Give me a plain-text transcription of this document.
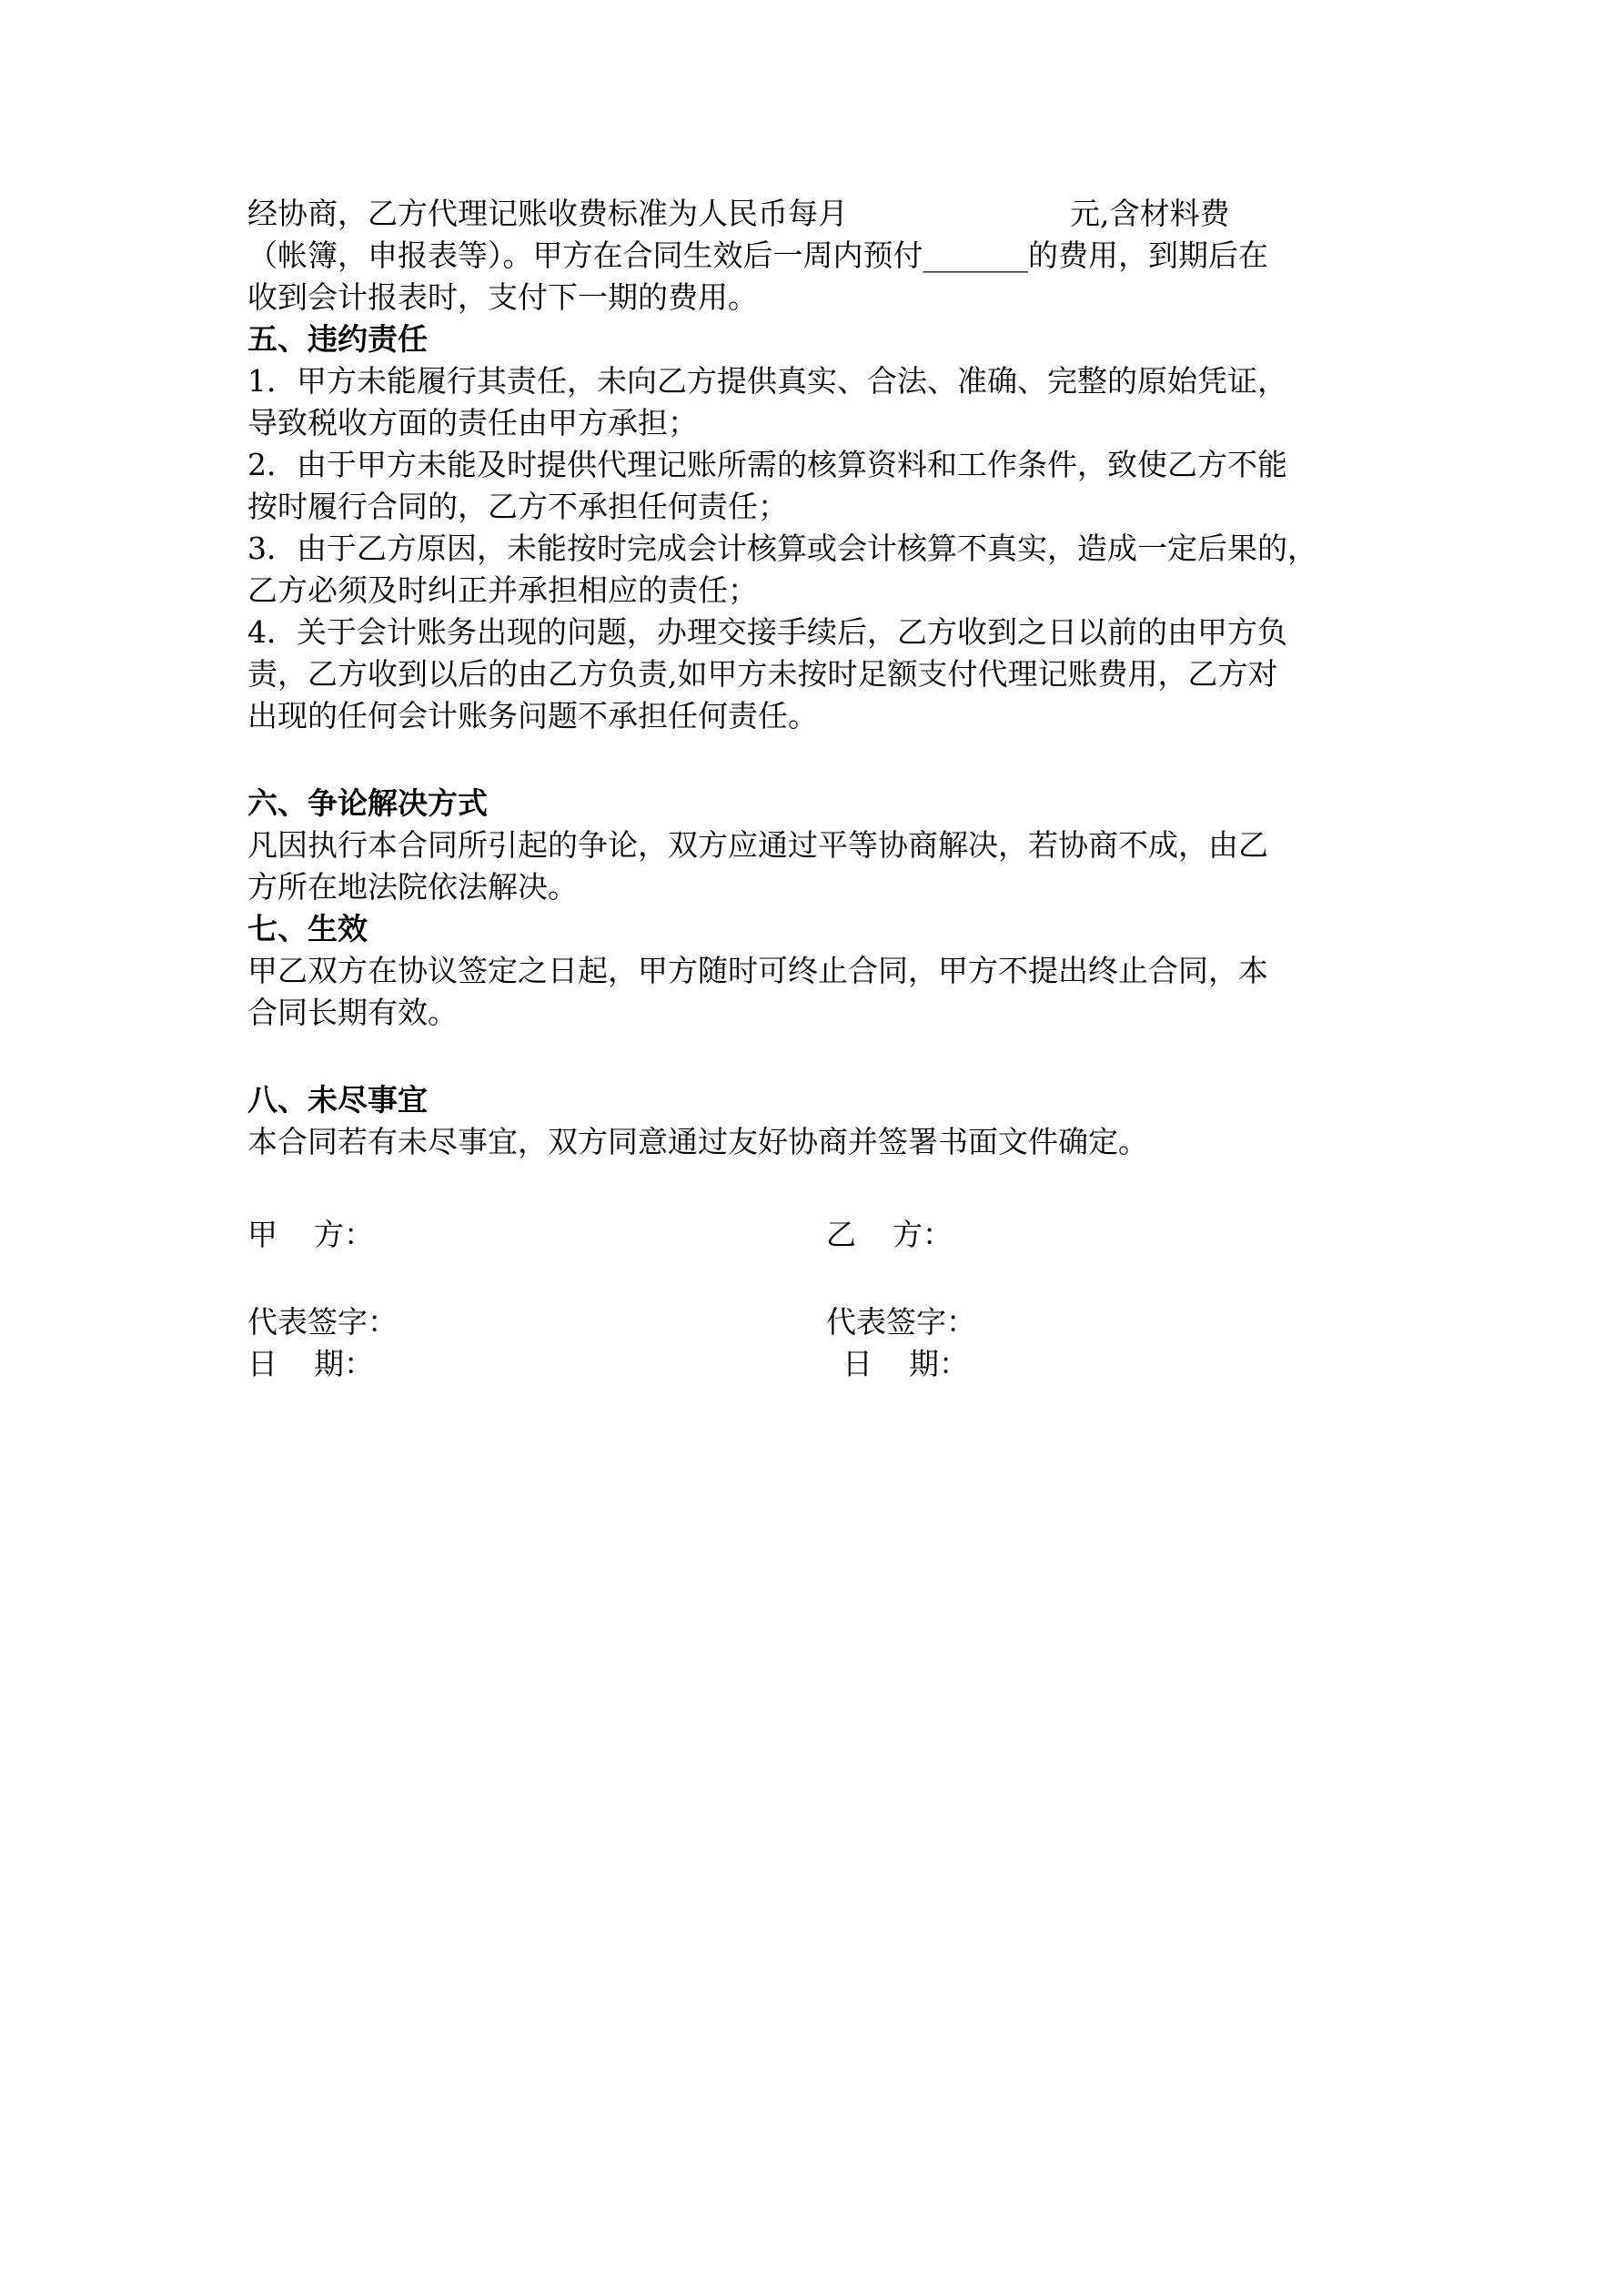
经协商，乙方代理记账收费标准为人民币每月	元,含材料费
（帐簿，申报表等）。甲方在合同生效后一周内预付_______的费用，到期后在
收到会计报表时，支付下一期的费用。
五、违约责任
1．甲方未能履行其责任，未向乙方提供真实、合法、准确、完整的原始凭证，
导致税收方面的责任由甲方承担；
2．由于甲方未能及时提供代理记账所需的核算资料和工作条件，致使乙方不能
按时履行合同的，乙方不承担任何责任；
3．由于乙方原因，未能按时完成会计核算或会计核算不真实，造成一定后果的，
乙方必须及时纠正并承担相应的责任；
4．关于会计账务出现的问题，办理交接手续后，乙方收到之日以前的由甲方负
责，乙方收到以后的由乙方负责,如甲方未按时足额支付代理记账费用，乙方对
出现的任何会计账务问题不承担任何责任。
六、争论解决方式
凡因执行本合同所引起的争论，双方应通过平等协商解决，若协商不成，由乙
方所在地法院依法解决。
七、生效
甲乙双方在协议签定之日起，甲方随时可终止合同，甲方不提出终止合同，本
合同长期有效。
八、未尽事宜
本合同若有未尽事宜，双方同意通过友好协商并签署书面文件确定。
甲 方：	乙 方：
代表签字：	代表签字：
日 期：	日 期：
